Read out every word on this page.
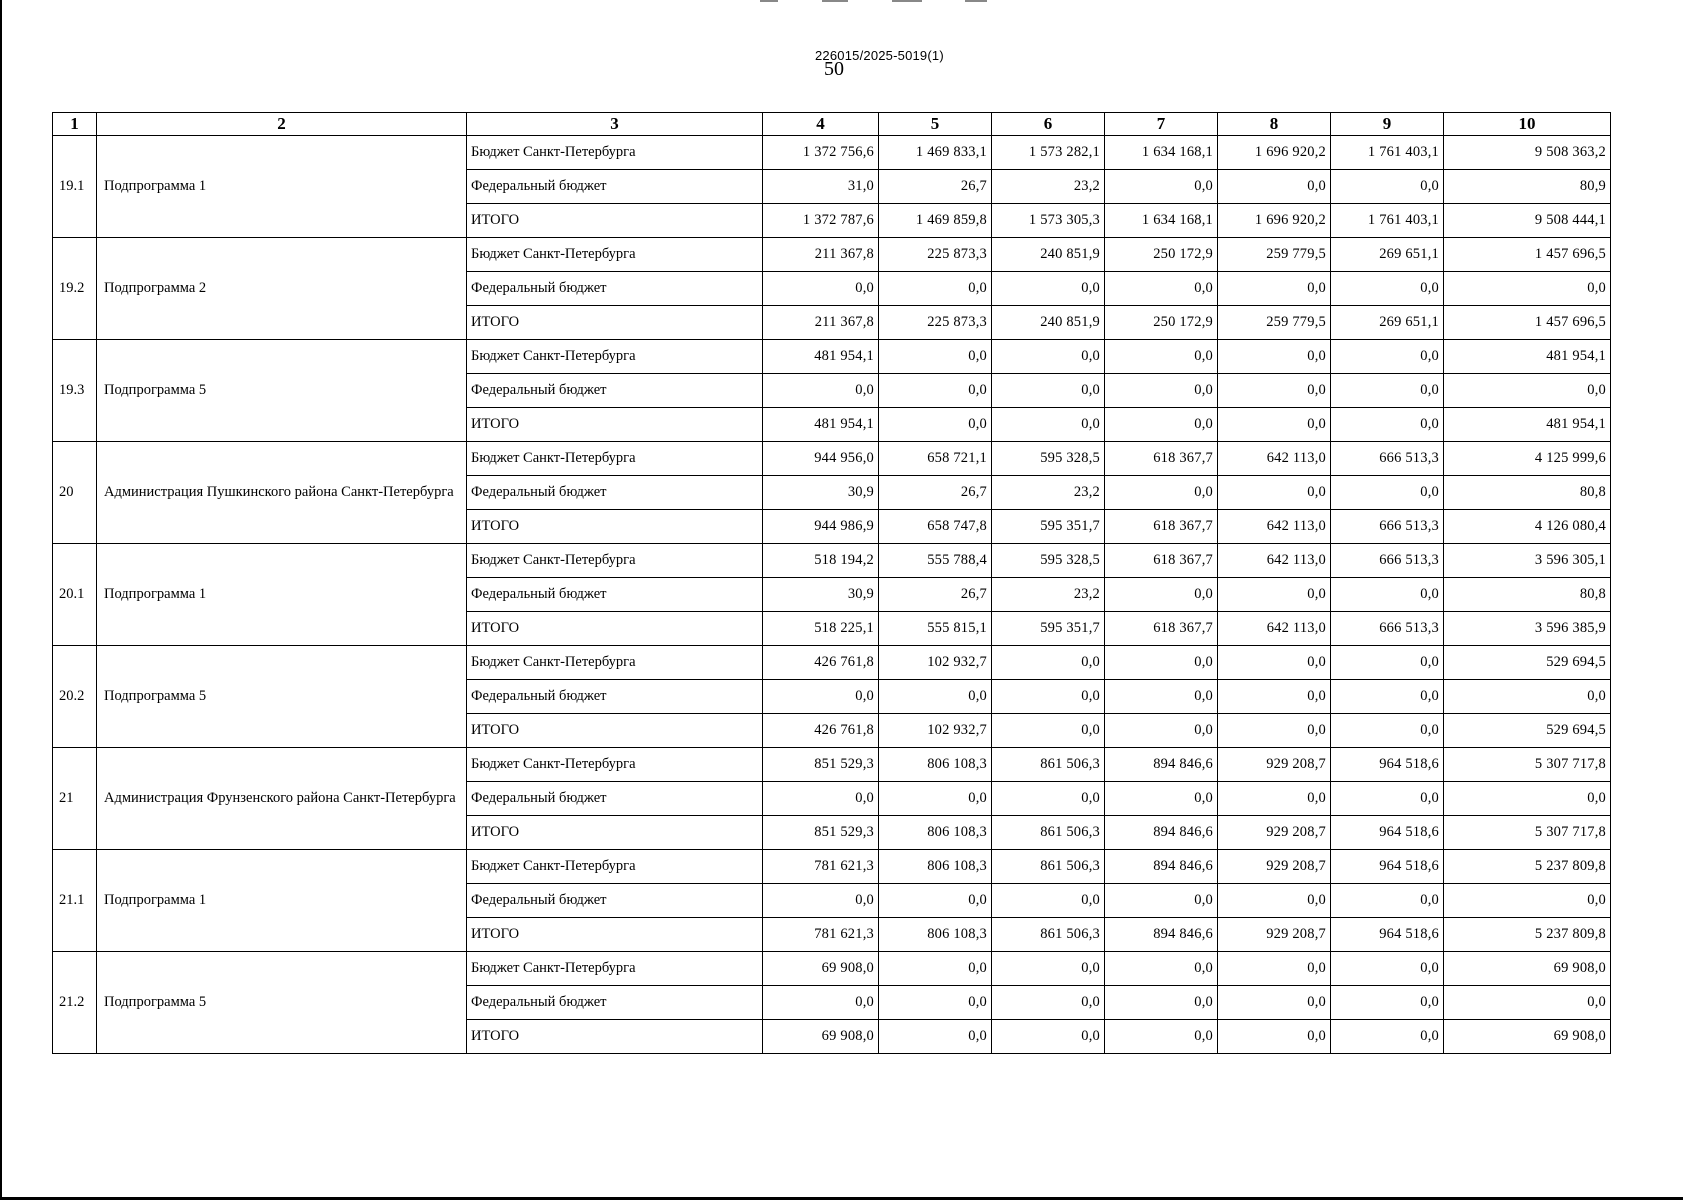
50
226015/2025-5019(1)
1	2	3	4	5	6	7	8	9	10
19.1	Подпрограмма 1	Бюджет Санкт-Петербурга	1 372 756,6	1 469 833,1	1 573 282,1	1 634 168,1	1 696 920,2	1 761 403,1	9 508 363,2
		Федеральный бюджет	31,0	26,7	23,2	0,0	0,0	0,0	80,9
		ИТОГО	1 372 787,6	1 469 859,8	1 573 305,3	1 634 168,1	1 696 920,2	1 761 403,1	9 508 444,1
19.2	Подпрограмма 2	Бюджет Санкт-Петербурга	211 367,8	225 873,3	240 851,9	250 172,9	259 779,5	269 651,1	1 457 696,5
		Федеральный бюджет	0,0	0,0	0,0	0,0	0,0	0,0	0,0
		ИТОГО	211 367,8	225 873,3	240 851,9	250 172,9	259 779,5	269 651,1	1 457 696,5
19.3	Подпрограмма 5	Бюджет Санкт-Петербурга	481 954,1	0,0	0,0	0,0	0,0	0,0	481 954,1
		Федеральный бюджет	0,0	0,0	0,0	0,0	0,0	0,0	0,0
		ИТОГО	481 954,1	0,0	0,0	0,0	0,0	0,0	481 954,1
20	Администрация Пушкинского района Санкт-Петербурга	Бюджет Санкт-Петербурга	944 956,0	658 721,1	595 328,5	618 367,7	642 113,0	666 513,3	4 125 999,6
		Федеральный бюджет	30,9	26,7	23,2	0,0	0,0	0,0	80,8
		ИТОГО	944 986,9	658 747,8	595 351,7	618 367,7	642 113,0	666 513,3	4 126 080,4
20.1	Подпрограмма 1	Бюджет Санкт-Петербурга	518 194,2	555 788,4	595 328,5	618 367,7	642 113,0	666 513,3	3 596 305,1
		Федеральный бюджет	30,9	26,7	23,2	0,0	0,0	0,0	80,8
		ИТОГО	518 225,1	555 815,1	595 351,7	618 367,7	642 113,0	666 513,3	3 596 385,9
20.2	Подпрограмма 5	Бюджет Санкт-Петербурга	426 761,8	102 932,7	0,0	0,0	0,0	0,0	529 694,5
		Федеральный бюджет	0,0	0,0	0,0	0,0	0,0	0,0	0,0
		ИТОГО	426 761,8	102 932,7	0,0	0,0	0,0	0,0	529 694,5
21	Администрация Фрунзенского района Санкт-Петербурга	Бюджет Санкт-Петербурга	851 529,3	806 108,3	861 506,3	894 846,6	929 208,7	964 518,6	5 307 717,8
		Федеральный бюджет	0,0	0,0	0,0	0,0	0,0	0,0	0,0
		ИТОГО	851 529,3	806 108,3	861 506,3	894 846,6	929 208,7	964 518,6	5 307 717,8
21.1	Подпрограмма 1	Бюджет Санкт-Петербурга	781 621,3	806 108,3	861 506,3	894 846,6	929 208,7	964 518,6	5 237 809,8
		Федеральный бюджет	0,0	0,0	0,0	0,0	0,0	0,0	0,0
		ИТОГО	781 621,3	806 108,3	861 506,3	894 846,6	929 208,7	964 518,6	5 237 809,8
21.2	Подпрограмма 5	Бюджет Санкт-Петербурга	69 908,0	0,0	0,0	0,0	0,0	0,0	69 908,0
		Федеральный бюджет	0,0	0,0	0,0	0,0	0,0	0,0	0,0
		ИТОГО	69 908,0	0,0	0,0	0,0	0,0	0,0	69 908,0
